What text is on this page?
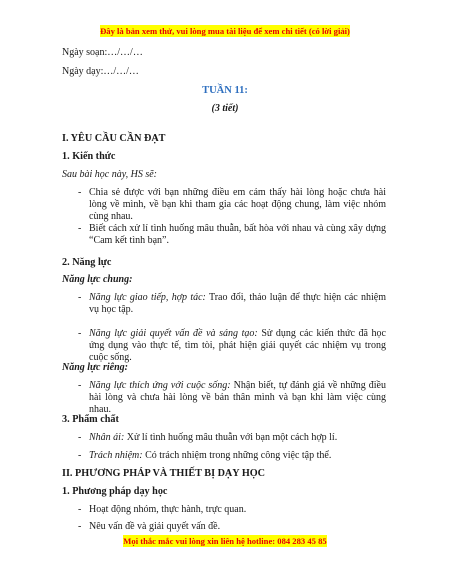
Đây là bản xem thử, vui lòng mua tài liệu để xem chi tiết (có lời giải)
Ngày soạn:…/…/…
Ngày dạy:…/…/…
TUẦN 11:
(3 tiết)
I. YÊU CẦU CẦN ĐẠT
1. Kiến thức
Sau bài học này, HS sẽ:
- Chia sẻ được với bạn những điều em cảm thấy hài lòng hoặc chưa hài lòng về mình, về bạn khi tham gia các hoạt động chung, làm việc nhóm cùng nhau.
- Biết cách xử lí tình huống mâu thuẫn, bất hòa với nhau và cùng xây dựng “Cam kết tình bạn”.
2. Năng lực
Năng lực chung:
- Năng lực giao tiếp, hợp tác: Trao đổi, thảo luận để thực hiện các nhiệm vụ học tập.
- Năng lực giải quyết vấn đề và sáng tạo: Sử dụng các kiến thức đã học ứng dụng vào thực tế, tìm tòi, phát hiện giải quyết các nhiệm vụ trong cuộc sống.
Năng lực riêng:
- Năng lực thích ứng với cuộc sống: Nhận biết, tự đánh giá về những điều hài lòng và chưa hài lòng về bản thân mình và bạn khi làm việc cùng nhau.
3. Phẩm chất
- Nhân ái: Xử lí tình huống mâu thuẫn với bạn một cách hợp lí.
- Trách nhiệm: Có trách nhiệm trong những công việc tập thể.
II. PHƯƠNG PHÁP VÀ THIẾT BỊ DẠY HỌC
1. Phương pháp dạy học
- Hoạt động nhóm, thực hành, trực quan.
- Nêu vấn đề và giải quyết vấn đề.
Mọi thắc mắc vui lòng xin liên hệ hotline: 084 283 45 85
